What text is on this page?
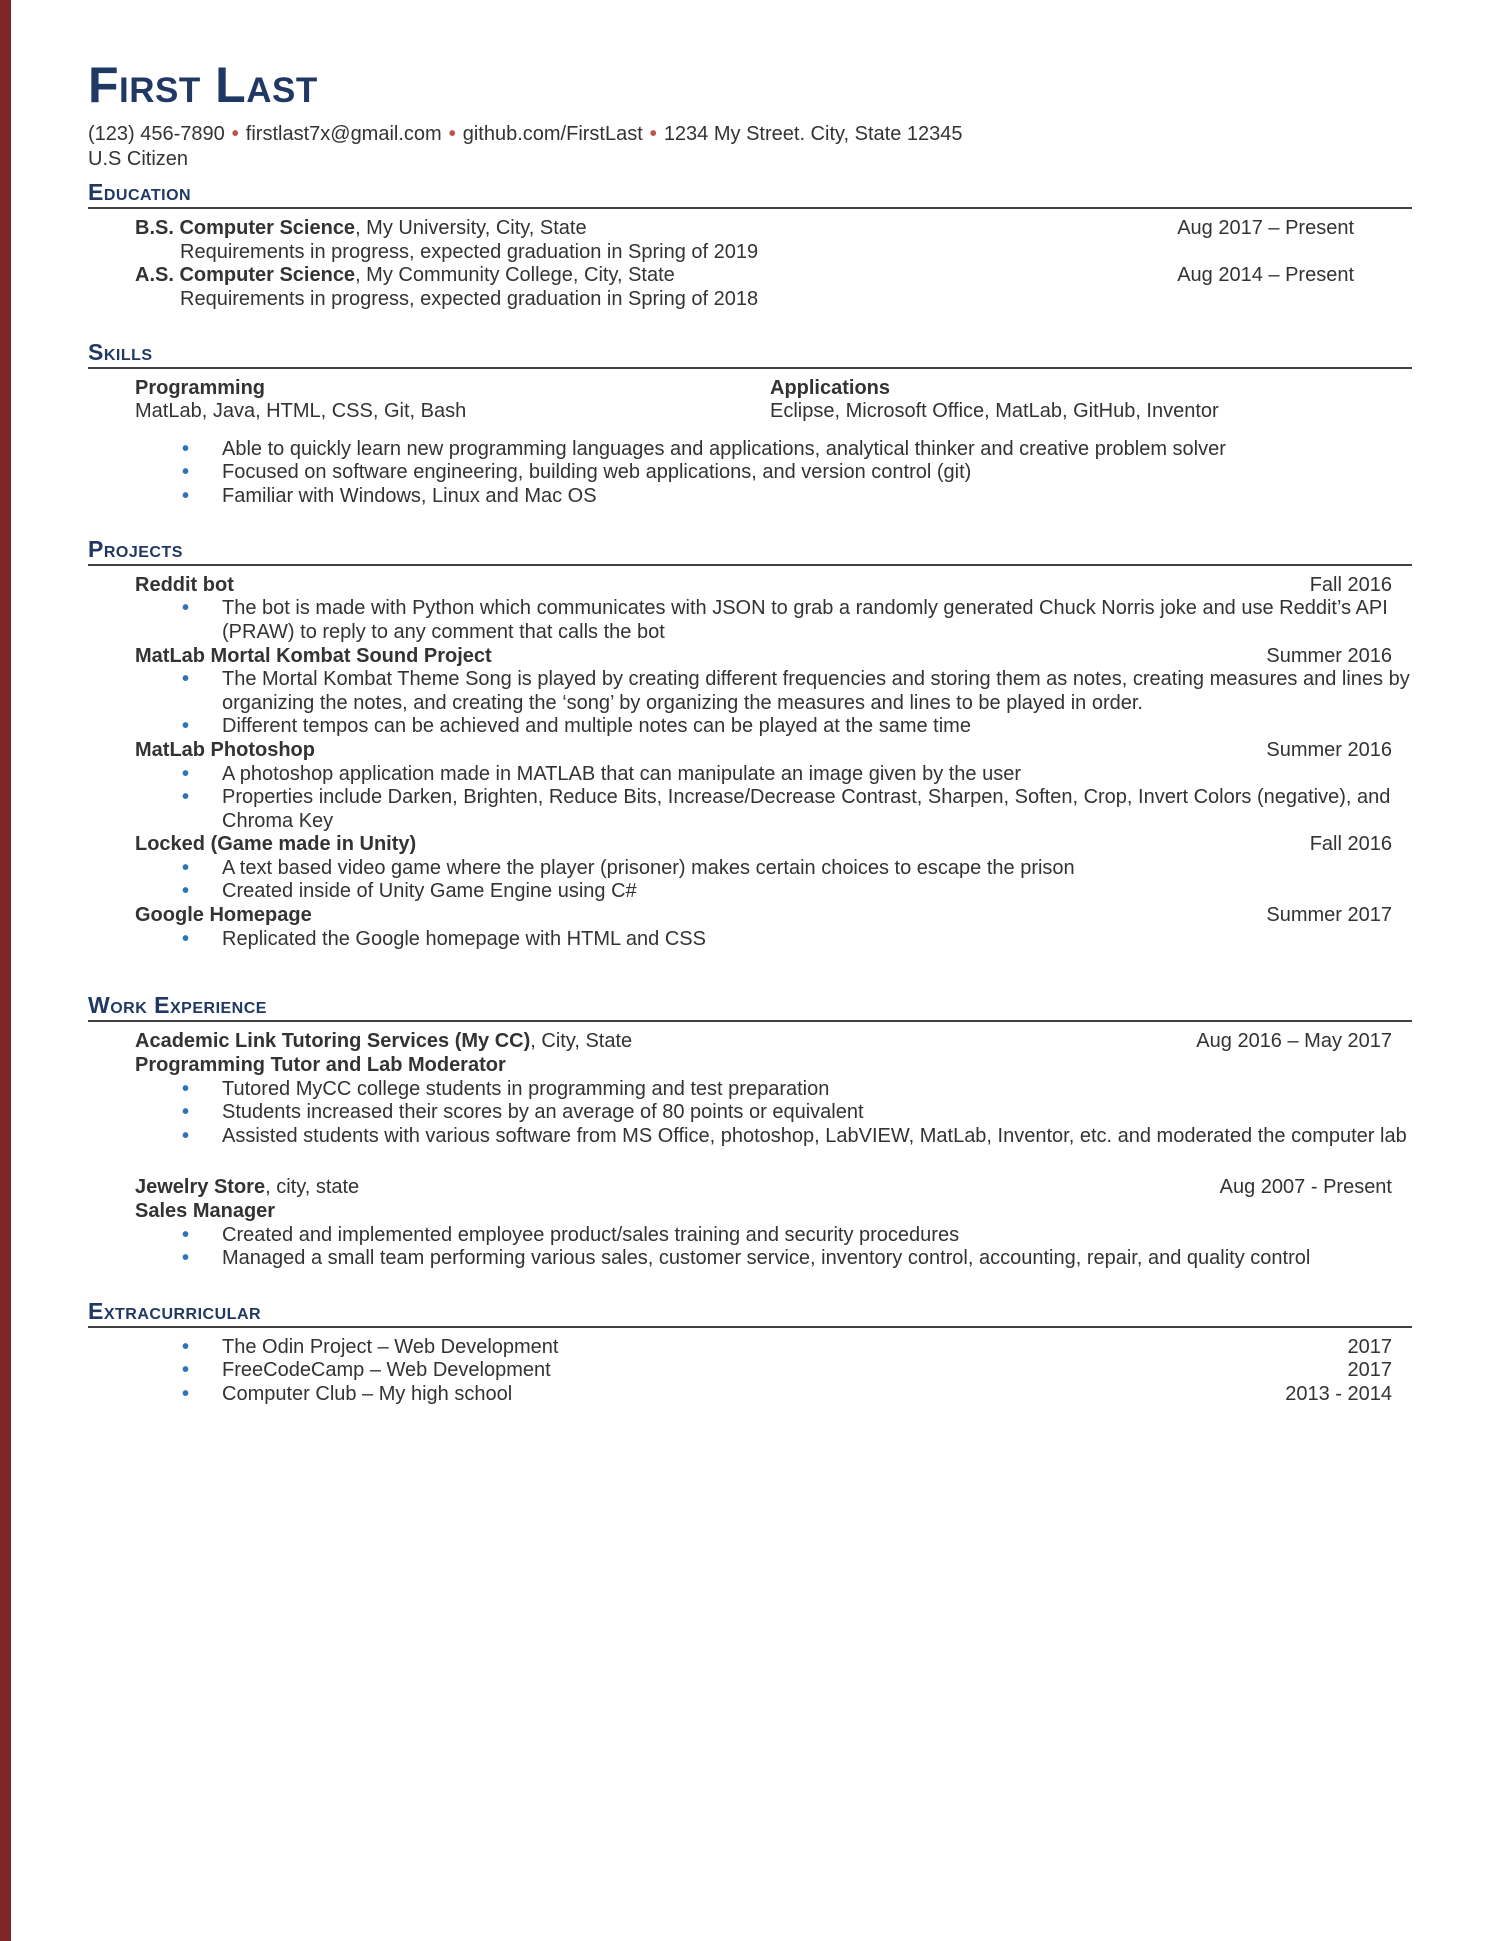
First Last
(123) 456-7890 • firstlast7x@gmail.com • github.com/FirstLast • 1234 My Street. City, State 12345
U.S Citizen
Education
B.S. Computer Science, My University, City, State	Aug 2017 – Present
Requirements in progress, expected graduation in Spring of 2019
A.S. Computer Science, My Community College, City, State	Aug 2014 – Present
Requirements in progress, expected graduation in Spring of 2018
Skills
Programming
MatLab, Java, HTML, CSS, Git, Bash
Applications
Eclipse, Microsoft Office, MatLab, GitHub, Inventor
• Able to quickly learn new programming languages and applications, analytical thinker and creative problem solver
• Focused on software engineering, building web applications, and version control (git)
• Familiar with Windows, Linux and Mac OS
Projects
Reddit bot	Fall 2016
• The bot is made with Python which communicates with JSON to grab a randomly generated Chuck Norris joke and use Reddit’s API (PRAW) to reply to any comment that calls the bot
MatLab Mortal Kombat Sound Project	Summer 2016
• The Mortal Kombat Theme Song is played by creating different frequencies and storing them as notes, creating measures and lines by organizing the notes, and creating the ‘song’ by organizing the measures and lines to be played in order.
• Different tempos can be achieved and multiple notes can be played at the same time
MatLab Photoshop	Summer 2016
• A photoshop application made in MATLAB that can manipulate an image given by the user
• Properties include Darken, Brighten, Reduce Bits, Increase/Decrease Contrast, Sharpen, Soften, Crop, Invert Colors (negative), and Chroma Key
Locked (Game made in Unity)	Fall 2016
• A text based video game where the player (prisoner) makes certain choices to escape the prison
• Created inside of Unity Game Engine using C#
Google Homepage	Summer 2017
• Replicated the Google homepage with HTML and CSS
Work Experience
Academic Link Tutoring Services (My CC), City, State	Aug 2016 – May 2017
Programming Tutor and Lab Moderator
• Tutored MyCC college students in programming and test preparation
• Students increased their scores by an average of 80 points or equivalent
• Assisted students with various software from MS Office, photoshop, LabVIEW, MatLab, Inventor, etc. and moderated the computer lab
Jewelry Store, city, state	Aug 2007 - Present
Sales Manager
• Created and implemented employee product/sales training and security procedures
• Managed a small team performing various sales, customer service, inventory control, accounting, repair, and quality control
Extracurricular
• The Odin Project – Web Development	2017
• FreeCodeCamp – Web Development	2017
• Computer Club – My high school	2013 - 2014
